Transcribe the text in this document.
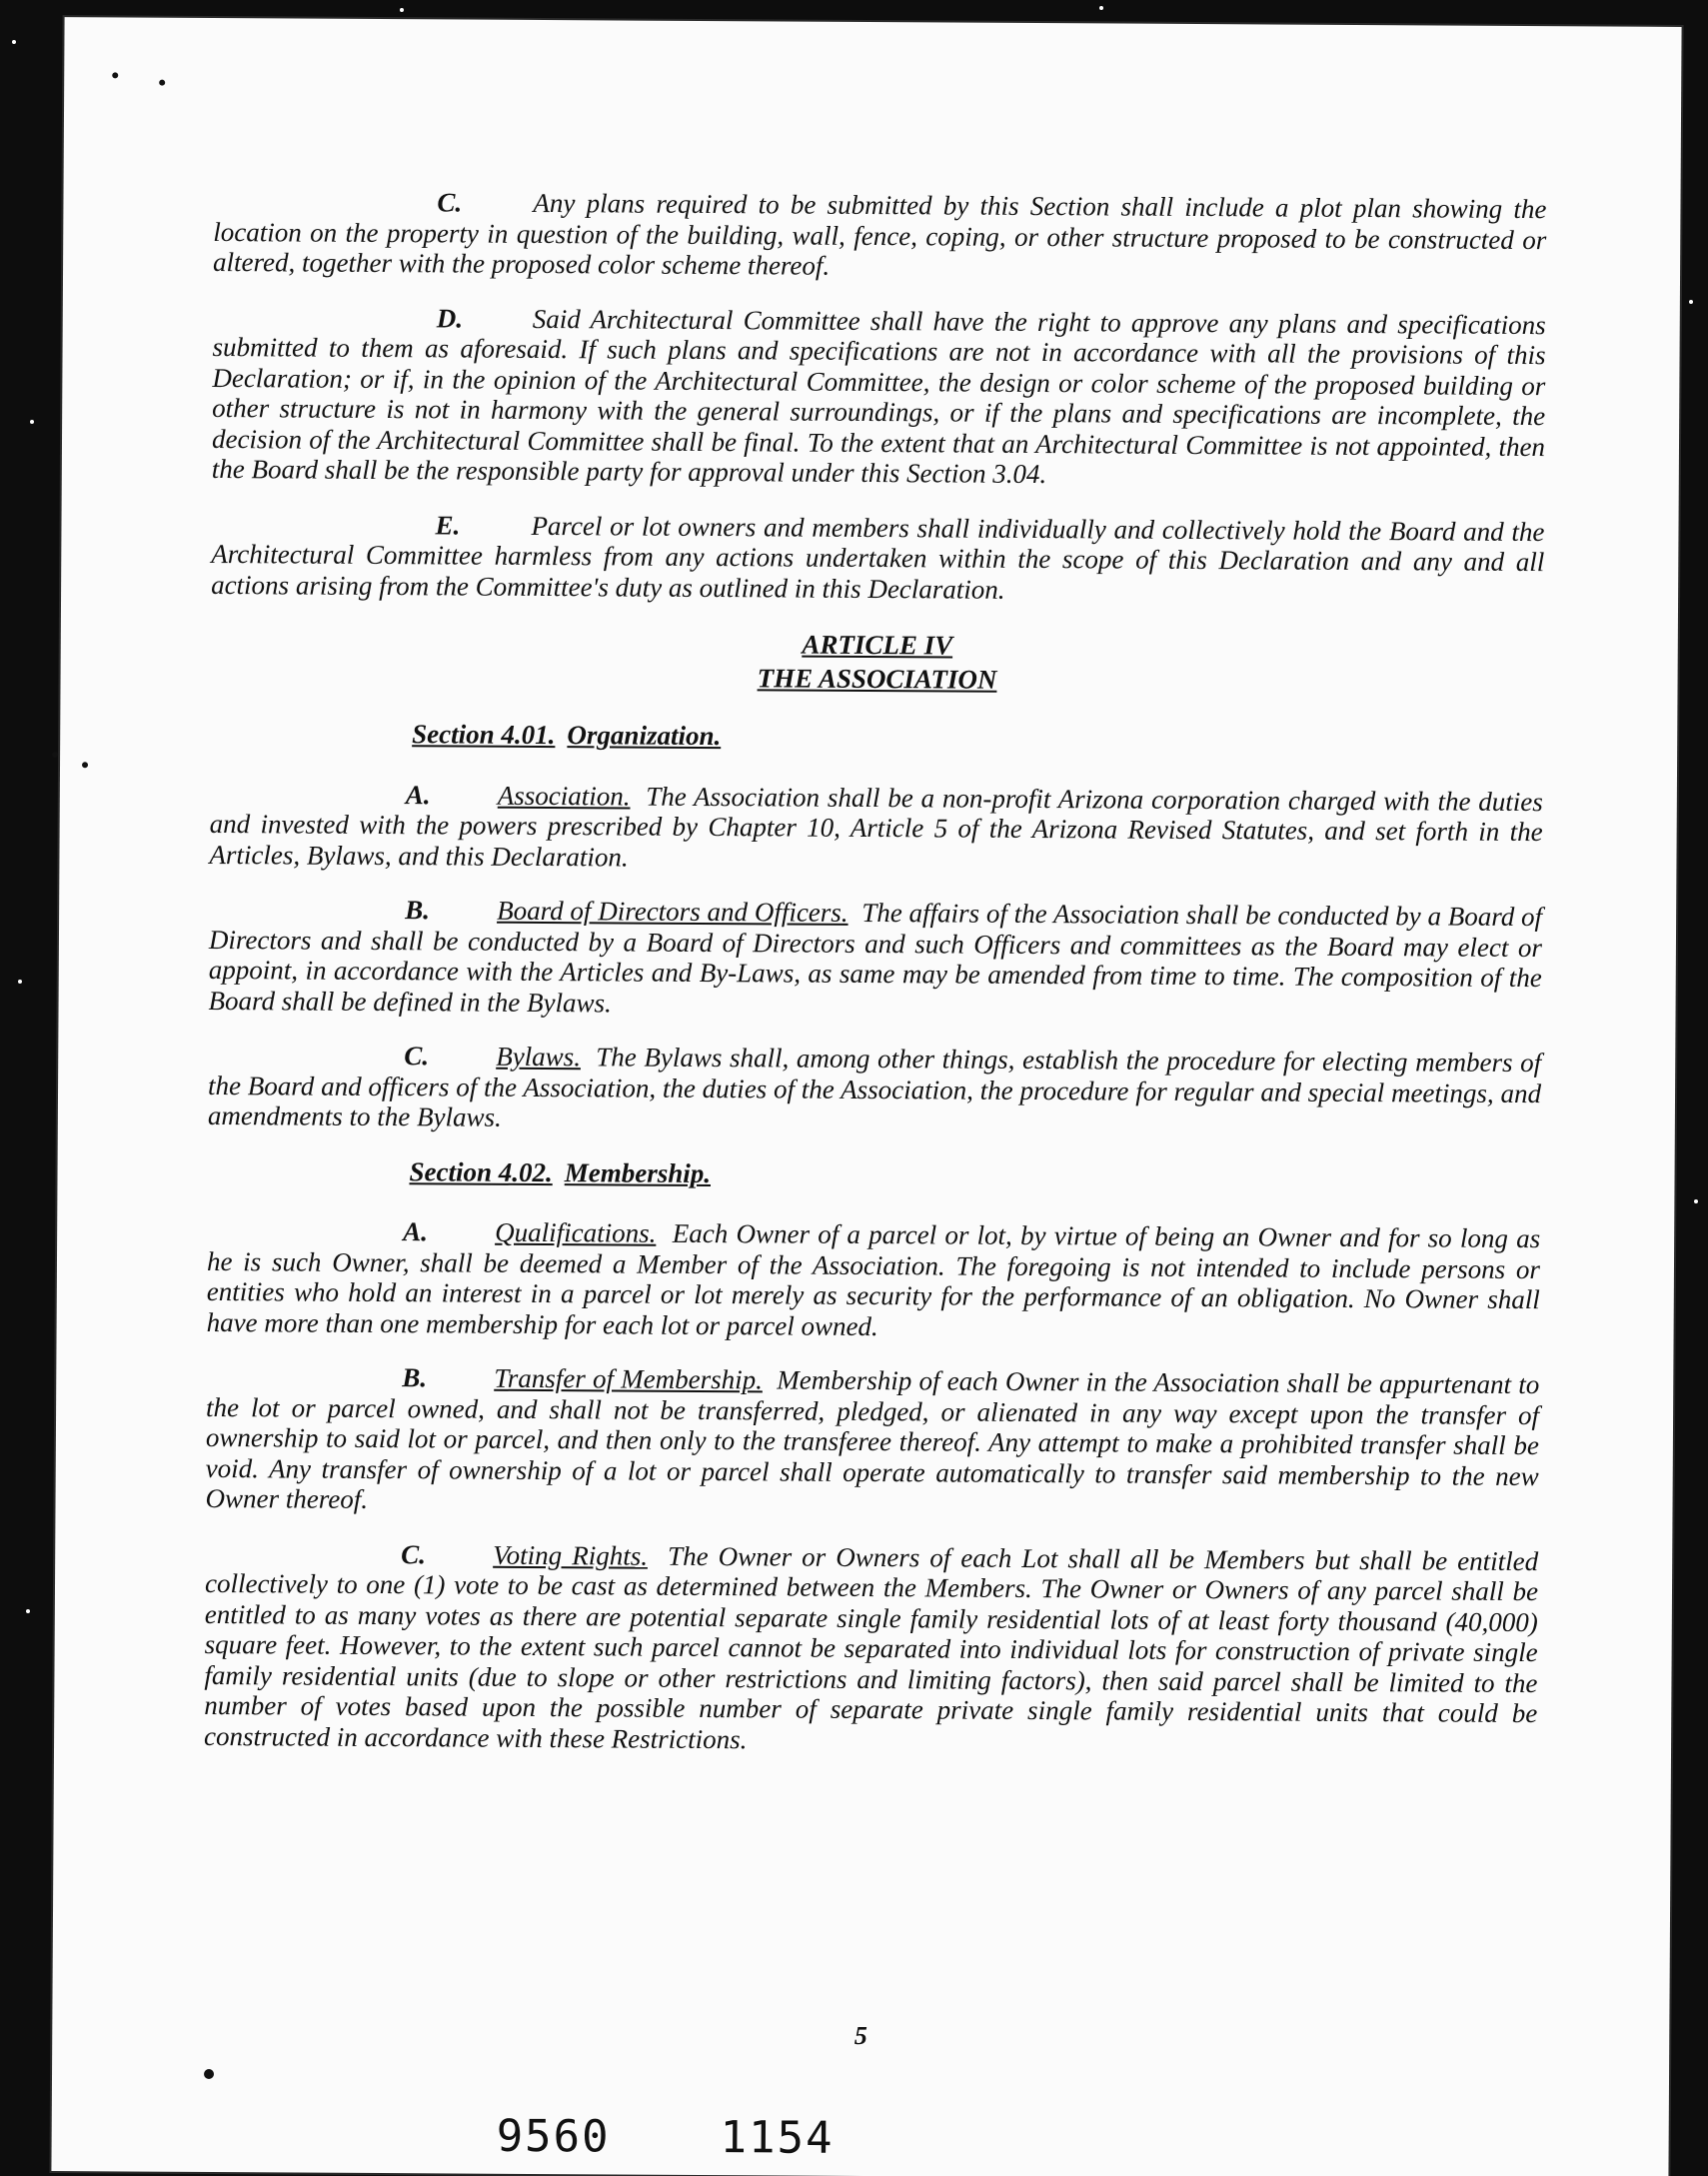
C.	Any plans required to be submitted by this Section shall include a plot plan showing the location on the property in question of the building, wall, fence, coping, or other structure proposed to be constructed or altered, together with the proposed color scheme thereof.

D.	Said Architectural Committee shall have the right to approve any plans and specifications submitted to them as aforesaid. If such plans and specifications are not in accordance with all the provisions of this Declaration; or if, in the opinion of the Architectural Committee, the design or color scheme of the proposed building or other structure is not in harmony with the general surroundings, or if the plans and specifications are incomplete, the decision of the Architectural Committee shall be final. To the extent that an Architectural Committee is not appointed, then the Board shall be the responsible party for approval under this Section 3.04.

E.	Parcel or lot owners and members shall individually and collectively hold the Board and the Architectural Committee harmless from any actions undertaken within the scope of this Declaration and any and all actions arising from the Committee's duty as outlined in this Declaration.

ARTICLE IV
THE ASSOCIATION
Section 4.01. Organization.

A. Association. The Association shall be a non-profit Arizona corporation charged with the duties and invested with the powers prescribed by Chapter 10, Article 5 of the Arizona Revised Statutes, and set forth in the Articles, Bylaws, and this Declaration.

B. Board of Directors and Officers. The affairs of the Association shall be conducted by a Board of Directors and shall be conducted by a Board of Directors and such Officers and committees as the Board may elect or appoint, in accordance with the Articles and By-Laws, as same may be amended from time to time. The composition of the Board shall be defined in the Bylaws.

C. Bylaws. The Bylaws shall, among other things, establish the procedure for electing members of the Board and officers of the Association, the duties of the Association, the procedure for regular and special meetings, and amendments to the Bylaws.

Section 4.02. Membership.

A. Qualifications. Each Owner of a parcel or lot, by virtue of being an Owner and for so long as he is such Owner, shall be deemed a Member of the Association. The foregoing is not intended to include persons or entities who hold an interest in a parcel or lot merely as security for the performance of an obligation. No Owner shall have more than one membership for each lot or parcel owned.

B. Transfer of Membership. Membership of each Owner in the Association shall be appurtenant to the lot or parcel owned, and shall not be transferred, pledged, or alienated in any way except upon the transfer of ownership to said lot or parcel, and then only to the transferee thereof. Any attempt to make a prohibited transfer shall be void. Any transfer of ownership of a lot or parcel shall operate automatically to transfer said membership to the new Owner thereof.

C. Voting Rights. The Owner or Owners of each Lot shall all be Members but shall be entitled collectively to one (1) vote to be cast as determined between the Members. The Owner or Owners of any parcel shall be entitled to as many votes as there are potential separate single family residential lots of at least forty thousand (40,000) square feet. However, to the extent such parcel cannot be separated into individual lots for construction of private single family residential units (due to slope or other restrictions and limiting factors), then said parcel shall be limited to the number of votes based upon the possible number of separate private single family residential units that could be constructed in accordance with these Restrictions.

5
9560 1154
